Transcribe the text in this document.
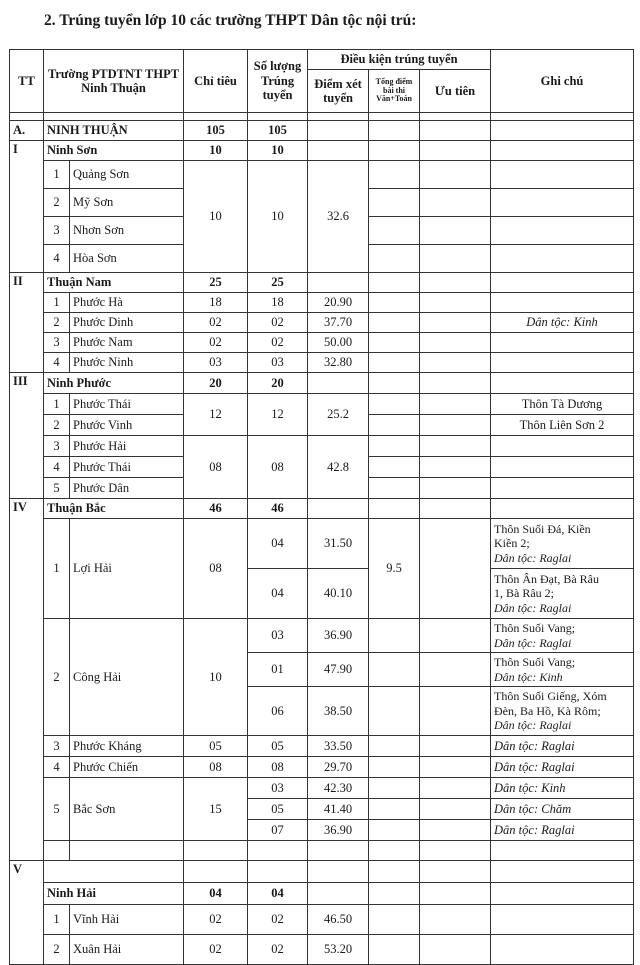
2. Trúng tuyển lớp 10 các trường THPT Dân tộc nội trú:
TT	Trường PTDTNT THPT Ninh Thuận		Chỉ tiêu	Số lượng Trúng tuyển	Điều kiện trúng tuyển			Ghi chú
					Điểm xét tuyển	Tổng điểm bài thi Văn+Toán	Ưu tiên	

A.	NINH THUẬN		105	105				
I	Ninh Sơn		10	10				
	1	Quảng Sơn	10	10	32.6			
	2	Mỹ Sơn						
	3	Nhơn Sơn						
	4	Hòa Sơn						
II	Thuận Nam		25	25				
	1	Phước Hà	18	18	20.90			
	2	Phước Dinh	02	02	37.70			Dân tộc: Kinh
	3	Phước Nam	02	02	50.00			
	4	Phước Ninh	03	03	32.80			
III	Ninh Phước		20	20				
	1	Phước Thái	12	12	25.2			Thôn Tà Dương
	2	Phước Vinh						Thôn Liên Sơn 2
	3	Phước Hải	08	08	42.8			
	4	Phước Thái						
	5	Phước Dân						
IV	Thuận Bắc		46	46				
	1	Lợi Hải	08	04	31.50	9.5		Thôn Suối Đá, Kiền
Kiền 2;
Dân tộc: Raglai

				04	40.10			Thôn Ân Đạt, Bà Râu
1, Bà Râu 2;
Dân tộc: Raglai

	2	Công Hải	10	03	36.90			Thôn Suối Vang;
Dân tộc: Raglai

				01	47.90			Thôn Suối Vang;
Dân tộc: Kinh

				06	38.50			Thôn Suối Giếng, Xóm
Đèn, Ba Hồ, Kà Rôm;
Dân tộc: Raglai

	3	Phước Kháng	05	05	33.50			Dân tộc: Raglai
	4	Phước Chiến	08	08	29.70			Dân tộc: Raglai
	5	Bắc Sơn	15	03	42.30			Dân tộc: Kinh
				05	41.40			Dân tộc: Chăm
				07	36.90			Dân tộc: Raglai

V								
	Ninh Hải		04	04				
	1	Vĩnh Hải	02	02	46.50			
	2	Xuân Hải	02	02	53.20			
